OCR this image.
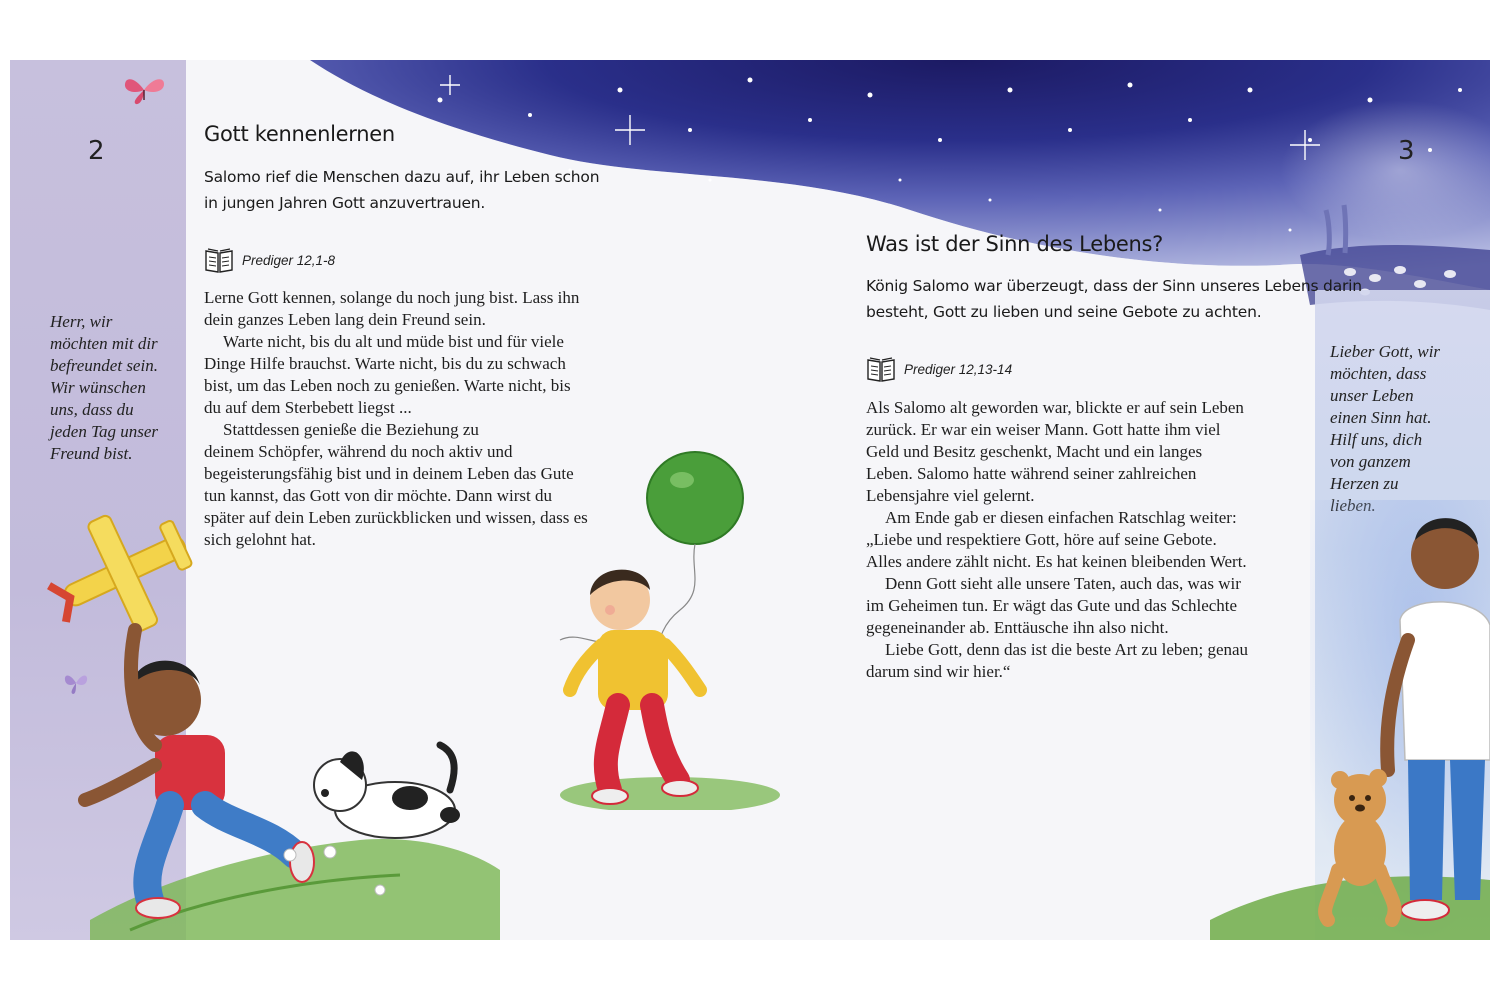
2	3
Herr, wir
möchten mit dir
befreundet sein.
Wir wünschen
uns, dass du
jeden Tag unser
Freund bist.
Lieber Gott, wir
möchten, dass
unser Leben
einen Sinn hat.
Hilf uns, dich
von ganzem
Herzen zu

Gott kennenlernen
Salomo rief die Menschen dazu auf, ihr Leben schon
in jungen Jahren Gott anzuvertrauen.
Prediger 12,1-8

Lerne Gott kennen, solange du noch jung bist. Lass ihn
dein ganzes Leben lang dein Freund sein.

Warte nicht, bis du alt und müde bist und für viele
Dinge Hilfe brauchst. Warte nicht, bis du zu schwach
bist, um das Leben noch zu genießen. Warte nicht, bis
du auf dem Sterbebett liegst ...

Stattdessen genieße die Beziehung zu
deinem Schöpfer, während du noch aktiv und
begeisterungsfähig bist und in deinem Leben das Gute
tun kannst, das Gott von dir möchte. Dann wirst du
später auf dein Leben zurückblicken und wissen, dass es
sich gelohnt hat.

Was ist der Sinn des Lebens?
König Salomo war überzeugt, dass der Sinn unseres Lebens darin
besteht, Gott zu lieben und seine Gebote zu achten.
Prediger 12,13-14

Als Salomo alt geworden war, blickte er auf sein Leben
zurück. Er war ein weiser Mann. Gott hatte ihm viel
Geld und Besitz geschenkt, Macht und ein langes
Leben. Salomo hatte während seiner zahlreichen
Lebensjahre viel gelernt.

Am Ende gab er diesen einfachen Ratschlag weiter:
„Liebe und respektiere Gott, höre auf seine Gebote.
Alles andere zählt nicht. Es hat keinen bleibenden Wert.

Denn Gott sieht alle unsere Taten, auch das, was wir
im Geheimen tun. Er wägt das Gute und das Schlechte
gegeneinander ab. Enttäusche ihn also nicht.

Liebe Gott, denn das ist die beste Art zu leben; genau
darum sind wir hier.“
